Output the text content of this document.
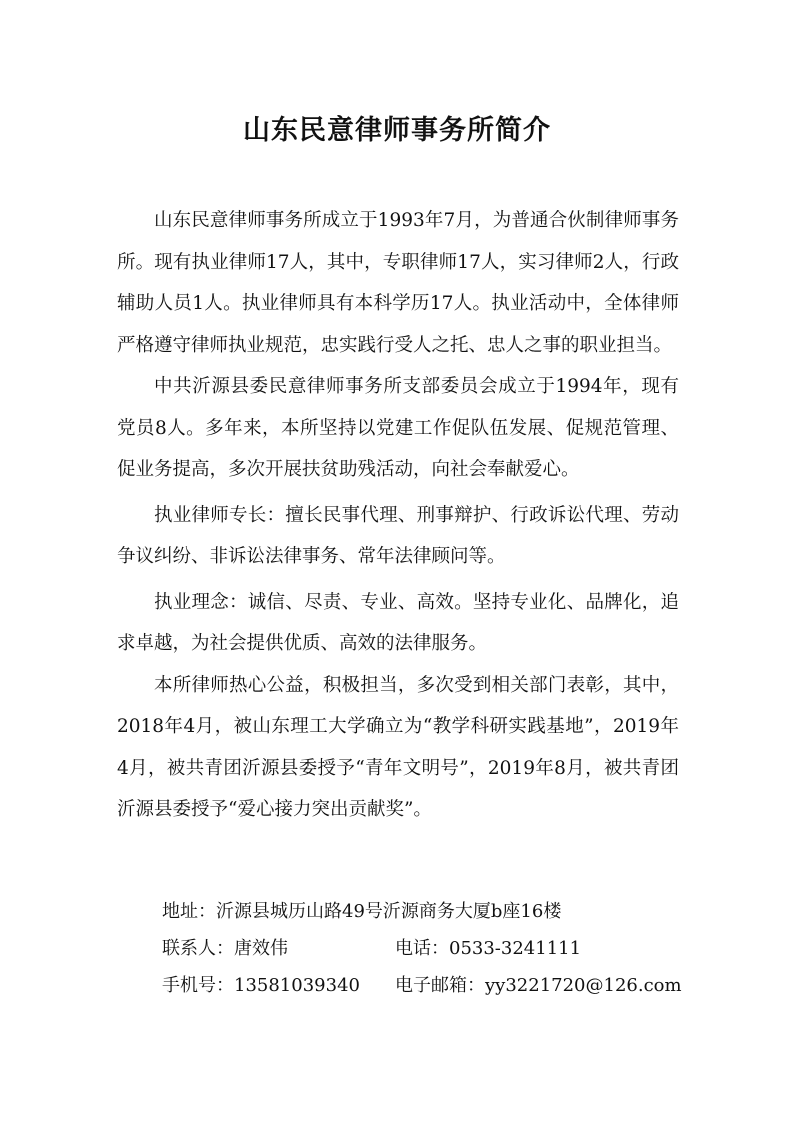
山东民意律师事务所简介

山东民意律师事务所成立于1993年7月，为普通合伙制律师事务所。现有执业律师17人，其中，专职律师17人，实习律师2人，行政辅助人员1人。执业律师具有本科学历17人。执业活动中，全体律师严格遵守律师执业规范，忠实践行受人之托、忠人之事的职业担当。

中共沂源县委民意律师事务所支部委员会成立于1994年，现有党员8人。多年来，本所坚持以党建工作促队伍发展、促规范管理、促业务提高，多次开展扶贫助残活动，向社会奉献爱心。

执业律师专长：擅长民事代理、刑事辩护、行政诉讼代理、劳动争议纠纷、非诉讼法律事务、常年法律顾问等。

执业理念：诚信、尽责、专业、高效。坚持专业化、品牌化，追求卓越，为社会提供优质、高效的法律服务。

本所律师热心公益，积极担当，多次受到相关部门表彰，其中，2018年4月，被山东理工大学确立为“教学科研实践基地”，2019年4月，被共青团沂源县委授予“青年文明号”，2019年8月，被共青团沂源县委授予“爱心接力突出贡献奖”。

地址：沂源县城历山路49号沂源商务大厦b座16楼
联系人：唐效伟	电话：0533-3241111
手机号：13581039340	电子邮箱：yy3221720@126.com
